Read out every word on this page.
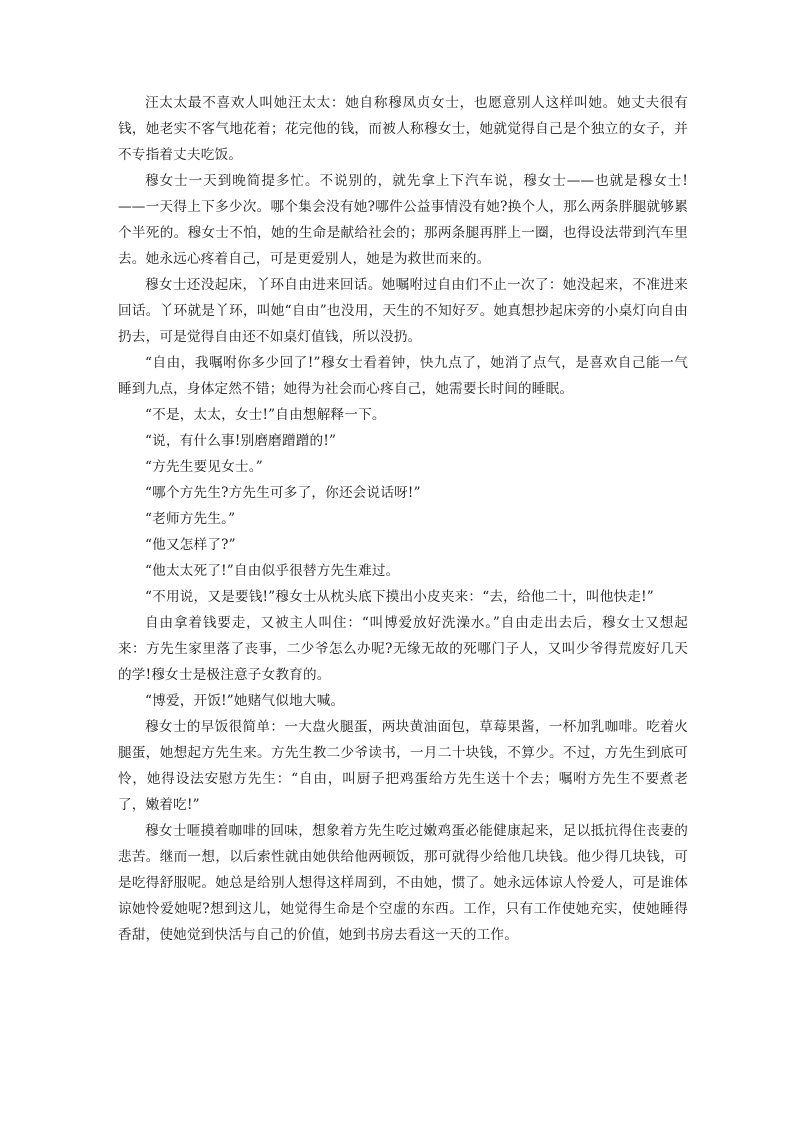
汪太太最不喜欢人叫她汪太太：她自称穆凤贞女士，也愿意别人这样叫她。她丈夫很有钱，她老实不客气地花着；花完他的钱，而被人称穆女士，她就觉得自己是个独立的女子，并不专指着丈夫吃饭。

穆女士一天到晚简提多忙。不说别的，就先拿上下汽车说，穆女士——也就是穆女士!——一天得上下多少次。哪个集会没有她?哪件公益事情没有她?换个人，那么两条胖腿就够累个半死的。穆女士不怕，她的生命是献给社会的；那两条腿再胖上一圈，也得设法带到汽车里去。她永远心疼着自己，可是更爱别人，她是为救世而来的。

穆女士还没起床，丫环自由进来回话。她嘱咐过自由们不止一次了：她没起来，不准进来回话。丫环就是丫环，叫她“自由”也没用，天生的不知好歹。她真想抄起床旁的小桌灯向自由扔去，可是觉得自由还不如桌灯值钱，所以没扔。

“自由，我嘱咐你多少回了!”穆女士看着钟，快九点了，她消了点气，是喜欢自己能一气睡到九点，身体定然不错；她得为社会而心疼自己，她需要长时间的睡眠。

“不是，太太，女士!”自由想解释一下。

“说，有什么事!别磨磨蹭蹭的!”

“方先生要见女士。”

“哪个方先生?方先生可多了，你还会说话呀!”

“老师方先生。”

“他又怎样了?”

“他太太死了!”自由似乎很替方先生难过。

“不用说，又是要钱!”穆女士从枕头底下摸出小皮夹来：“去，给他二十，叫他快走!”

自由拿着钱要走，又被主人叫住：“叫博爱放好洗澡水。”自由走出去后，穆女士又想起来：方先生家里落了丧事，二少爷怎么办呢?无缘无故的死哪门子人，又叫少爷得荒废好几天的学!穆女士是极注意子女教育的。

“博爱，开饭!”她赌气似地大喊。

穆女士的早饭很简单：一大盘火腿蛋，两块黄油面包，草莓果酱，一杯加乳咖啡。吃着火腿蛋，她想起方先生来。方先生教二少爷读书，一月二十块钱，不算少。不过，方先生到底可怜，她得设法安慰方先生：“自由，叫厨子把鸡蛋给方先生送十个去；嘱咐方先生不要煮老了，嫩着吃!”

穆女士咂摸着咖啡的回味，想象着方先生吃过嫩鸡蛋必能健康起来，足以抵抗得住丧妻的悲苦。继而一想，以后索性就由她供给他两顿饭，那可就得少给他几块钱。他少得几块钱，可是吃得舒服呢。她总是给别人想得这样周到，不由她，惯了。她永远体谅人怜爱人，可是谁体谅她怜爱她呢?想到这儿，她觉得生命是个空虚的东西。工作，只有工作使她充实，使她睡得香甜，使她觉到快活与自己的价值，她到书房去看这一天的工作。
